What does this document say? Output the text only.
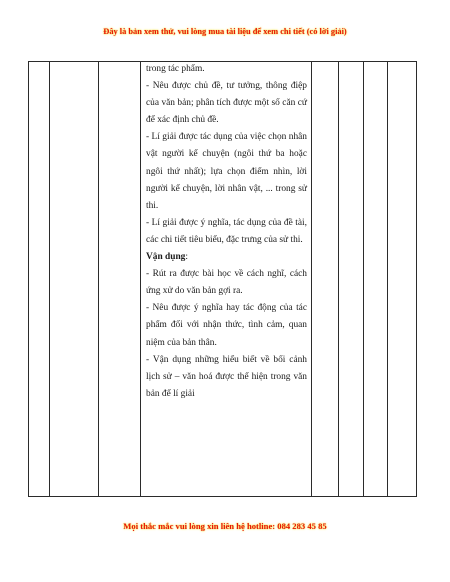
Đây là bản xem thử, vui lòng mua tài liệu để xem chi tiết (có lời giải)

trong tác phẩm.

- Nêu được chủ đề, tư tưởng, thông điệp của văn bản; phân tích được một số căn cứ để xác định chủ đề.

- Lí giải được tác dụng của việc chọn nhân vật người kể chuyện (ngôi thứ ba hoặc ngôi thứ nhất); lựa chọn điểm nhìn, lời người kể chuyện, lời nhân vật, ... trong sử thi.

- Lí giải được ý nghĩa, tác dụng của đề tài, các chi tiết tiêu biểu, đặc trưng của sử thi.

Vận dụng:

- Rút ra được bài học về cách nghĩ, cách ứng xử do văn bản gợi ra.

- Nêu được ý nghĩa hay tác động của tác phẩm đối với nhận thức, tình cảm, quan niệm của bản thân.

- Vận dụng những hiểu biết về bối cảnh lịch sử – văn hoá được thể hiện trong văn bản để lí giải

Mọi thắc mắc vui lòng xin liên hệ hotline: 084 283 45 85
